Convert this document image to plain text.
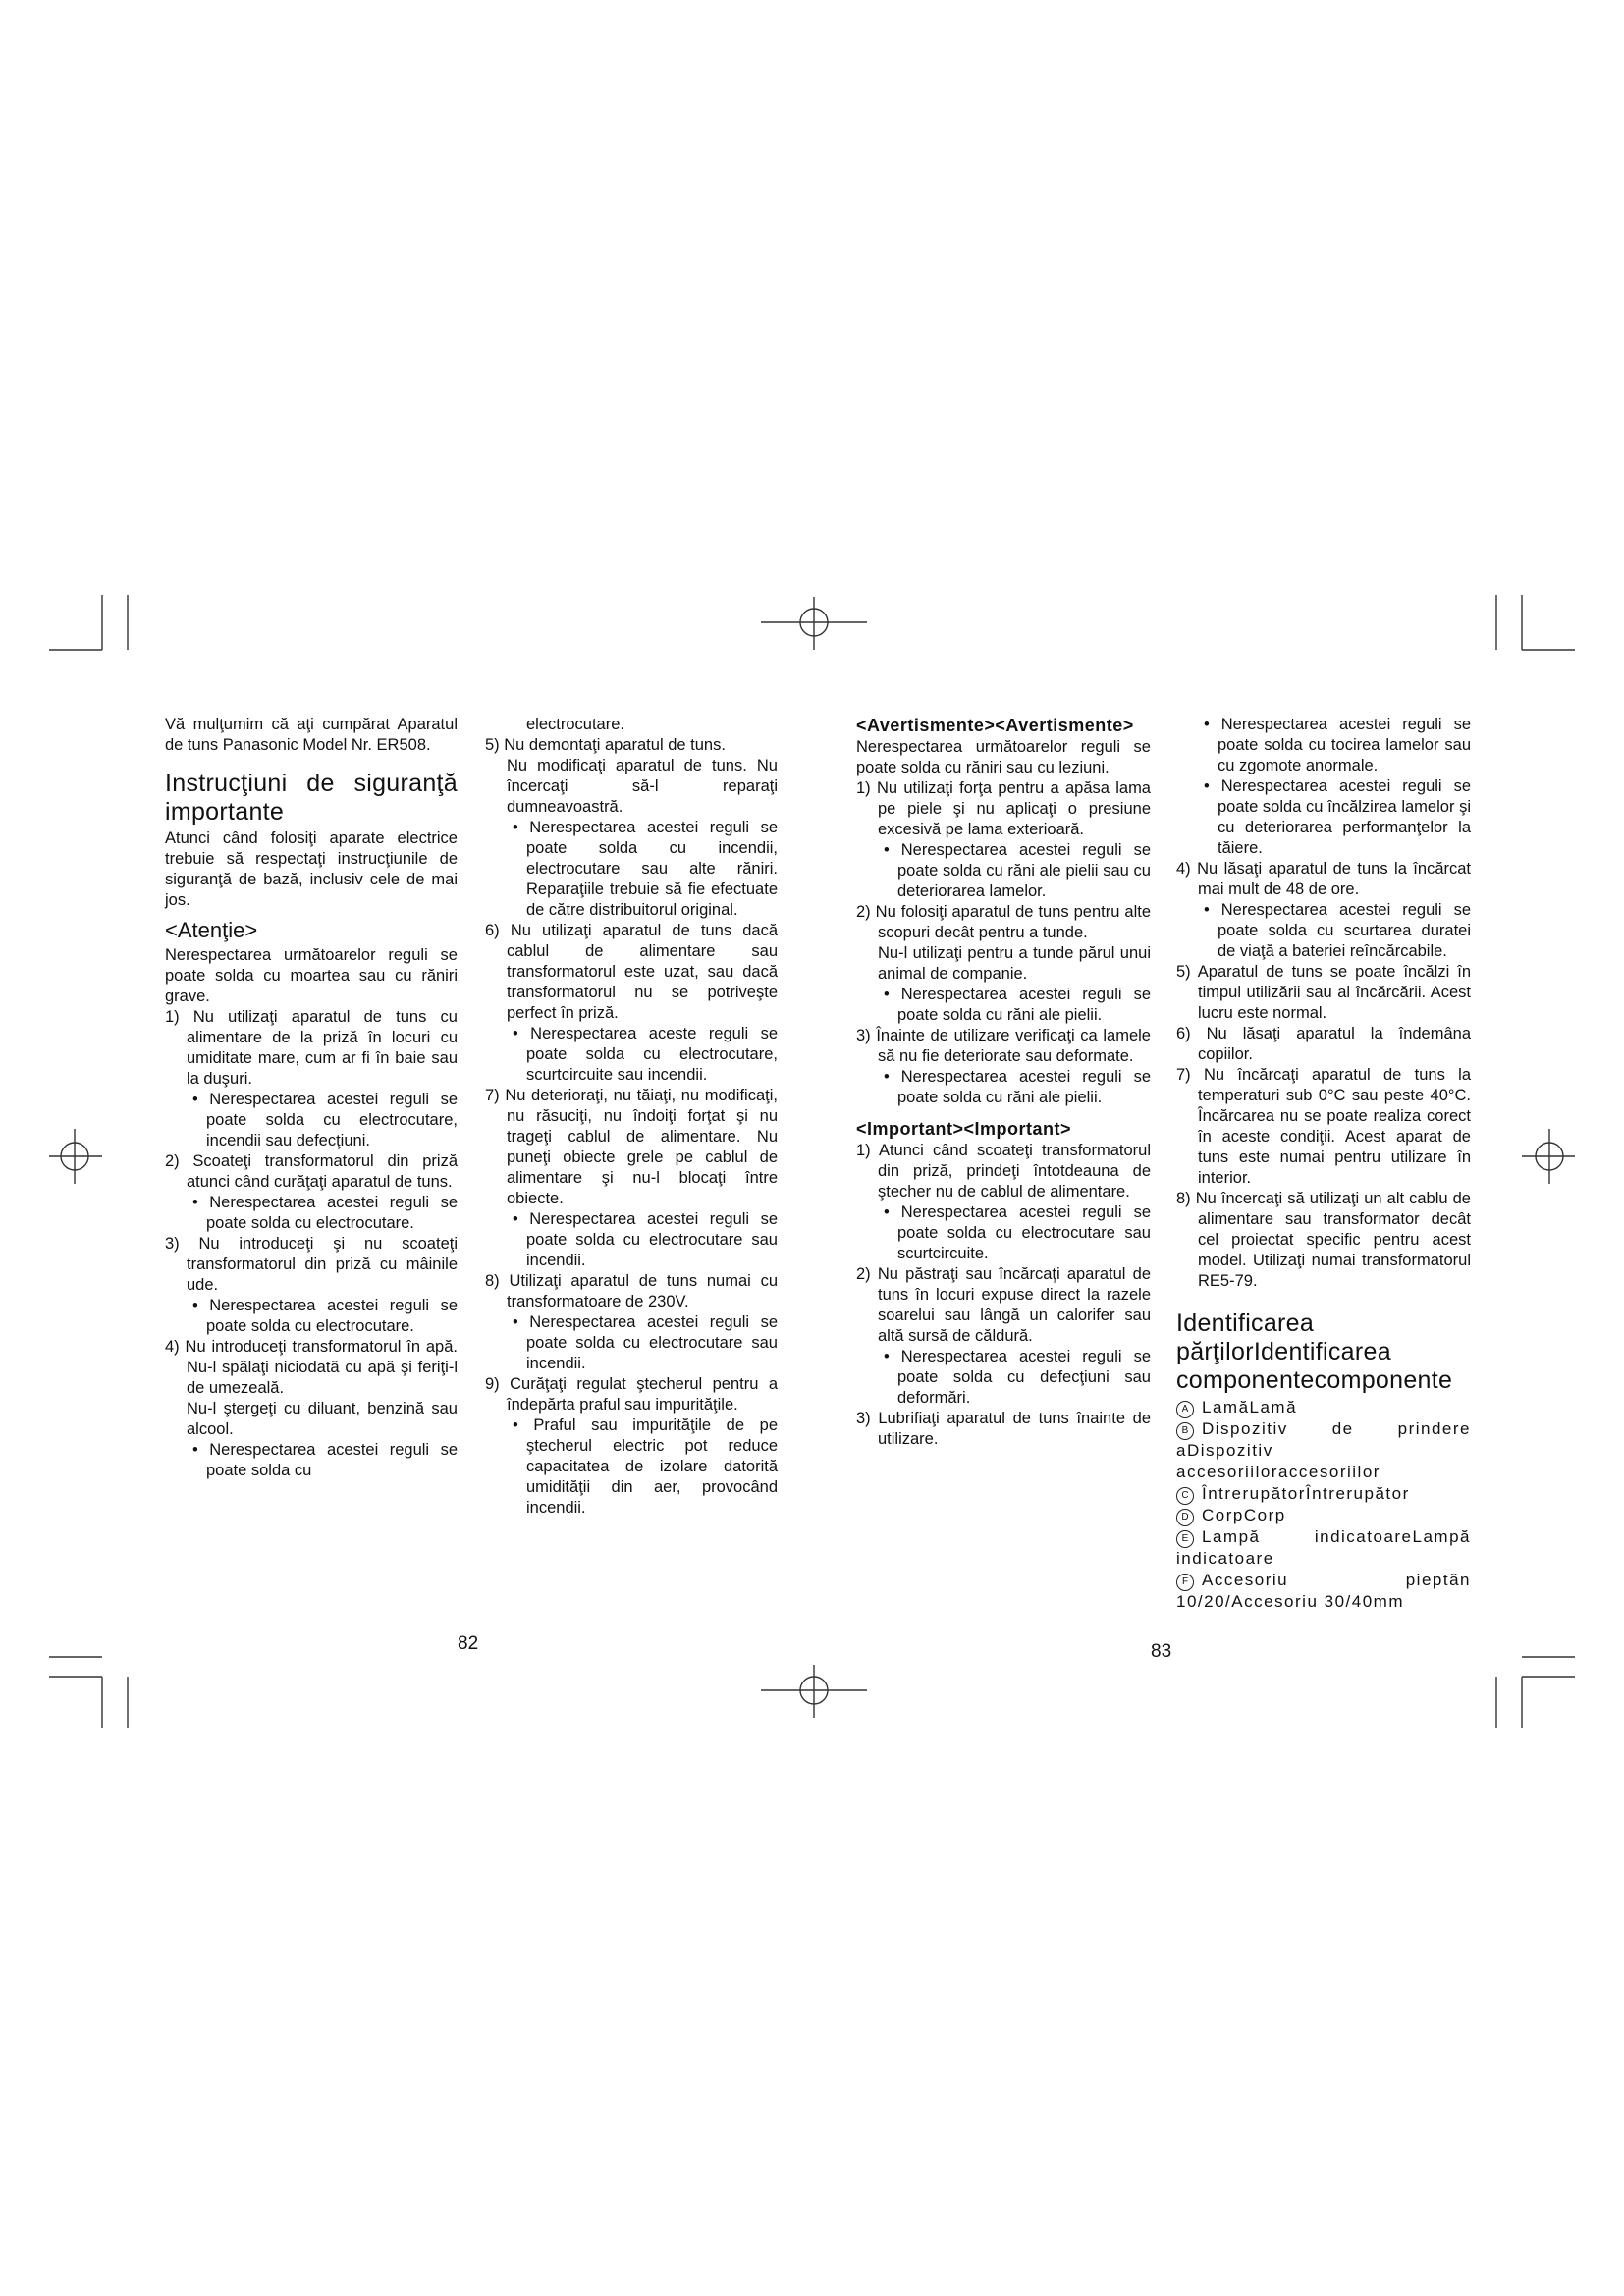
Vă mulţumim că aţi cumpărat Aparatul de tuns Panasonic Model Nr. ER508.

Instrucţiuni de siguranţă importante

Atunci când folosiţi aparate electrice trebuie să respectaţi instrucţiunile de siguranţă de bază, inclusiv cele de mai jos.

<Atenţie>

Nerespectarea următoarelor reguli se poate solda cu moartea sau cu răniri grave.

1) Nu utilizaţi aparatul de tuns cu alimentare de la priză în locuri cu umiditate mare, cum ar fi în baie sau la duşuri.

• Nerespectarea acestei reguli se poate solda cu electrocutare, incendii sau defecţiuni.

2) Scoateţi transformatorul din priză atunci când curăţaţi aparatul de tuns.

• Nerespectarea acestei reguli se poate solda cu electrocutare.

3) Nu introduceţi şi nu scoateţi transformatorul din priză cu mâinile ude.

• Nerespectarea acestei reguli se poate solda cu electrocutare.

4) Nu introduceţi transformatorul în apă. Nu-l spălaţi niciodată cu apă şi feriţi-l de umezeală.

Nu-l ştergeţi cu diluant, benzină sau alcool.

• Nerespectarea acestei reguli se poate solda cu

electrocutare.

5) Nu demontaţi aparatul de tuns.

Nu modificaţi aparatul de tuns. Nu încercaţi să-l reparaţi dumneavoastră.

• Nerespectarea acestei reguli se poate solda cu incendii, electrocutare sau alte răniri. Reparaţiile trebuie să fie efectuate de către distribuitorul original.

6) Nu utilizaţi aparatul de tuns dacă cablul de alimentare sau transformatorul este uzat, sau dacă transformatorul nu se potriveşte perfect în priză.

• Nerespectarea aceste reguli se poate solda cu electrocutare, scurtcircuite sau incendii.

7) Nu deterioraţi, nu tăiaţi, nu modificaţi, nu răsuciţi, nu îndoiţi forţat şi nu trageţi cablul de alimentare. Nu puneţi obiecte grele pe cablul de alimentare şi nu-l blocaţi între obiecte.

• Nerespectarea acestei reguli se poate solda cu electrocutare sau incendii.

8) Utilizaţi aparatul de tuns numai cu transformatoare de 230V.

• Nerespectarea acestei reguli se poate solda cu electrocutare sau incendii.

9) Curăţaţi regulat ştecherul pentru a îndepărta praful sau impurităţile.

• Praful sau impurităţile de pe ştecherul electric pot reduce capacitatea de izolare datorită umidităţii din aer, provocând incendii.

82

<Avertismente><Avertismente>

Nerespectarea următoarelor reguli se poate solda cu răniri sau cu leziuni.

1) Nu utilizaţi forţa pentru a apăsa lama pe piele şi nu aplicaţi o presiune excesivă pe lama exterioară.

• Nerespectarea acestei reguli se poate solda cu răni ale pielii sau cu deteriorarea lamelor.

2) Nu folosiţi aparatul de tuns pentru alte scopuri decât pentru a tunde.

Nu-l utilizaţi pentru a tunde părul unui animal de companie.

• Nerespectarea acestei reguli se poate solda cu răni ale pielii.

3) Înainte de utilizare verificaţi ca lamele să nu fie deteriorate sau deformate.

• Nerespectarea acestei reguli se poate solda cu răni ale pielii.

<Important><Important>

1) Atunci când scoateţi transformatorul din priză, prindeţi întotdeauna de ştecher nu de cablul de alimentare.

• Nerespectarea acestei reguli se poate solda cu electrocutare sau scurtcircuite.

2) Nu păstraţi sau încărcaţi aparatul de tuns în locuri expuse direct la razele soarelui sau lângă un calorifer sau altă sursă de căldură.

• Nerespectarea acestei reguli se poate solda cu defecţiuni sau deformări.

3) Lubrifiaţi aparatul de tuns înainte de utilizare.

• Nerespectarea acestei reguli se poate solda cu tocirea lamelor sau cu zgomote anormale.

• Nerespectarea acestei reguli se poate solda cu încălzirea lamelor şi cu deteriorarea performanţelor la tăiere.

4) Nu lăsaţi aparatul de tuns la încărcat mai mult de 48 de ore.

• Nerespectarea acestei reguli se poate solda cu scurtarea duratei de viaţă a bateriei reîncărcabile.

5) Aparatul de tuns se poate încălzi în timpul utilizării sau al încărcării. Acest lucru este normal.

6) Nu lăsaţi aparatul la îndemâna copiilor.

7) Nu încărcaţi aparatul de tuns la temperaturi sub 0°C sau peste 40°C. Încărcarea nu se poate realiza corect în aceste condiţii. Acest aparat de tuns este numai pentru utilizare în interior.

8) Nu încercaţi să utilizaţi un alt cablu de alimentare sau transformator decât cel proiectat specific pentru acest model. Utilizaţi numai transformatorul RE5-79.

Identificarea părţilorIdentificarea componentecomponente

A LamăLamă

B Dispozitiv de prindere aDispozitiv accesoriiloraccesoriilor

C ÎntrerupătorÎntrerupător

D CorpCorp

E Lampă indicatoareLampă indicatoare

F Accesoriu pieptăn 10/20/Accesoriu 30/40mm

83
